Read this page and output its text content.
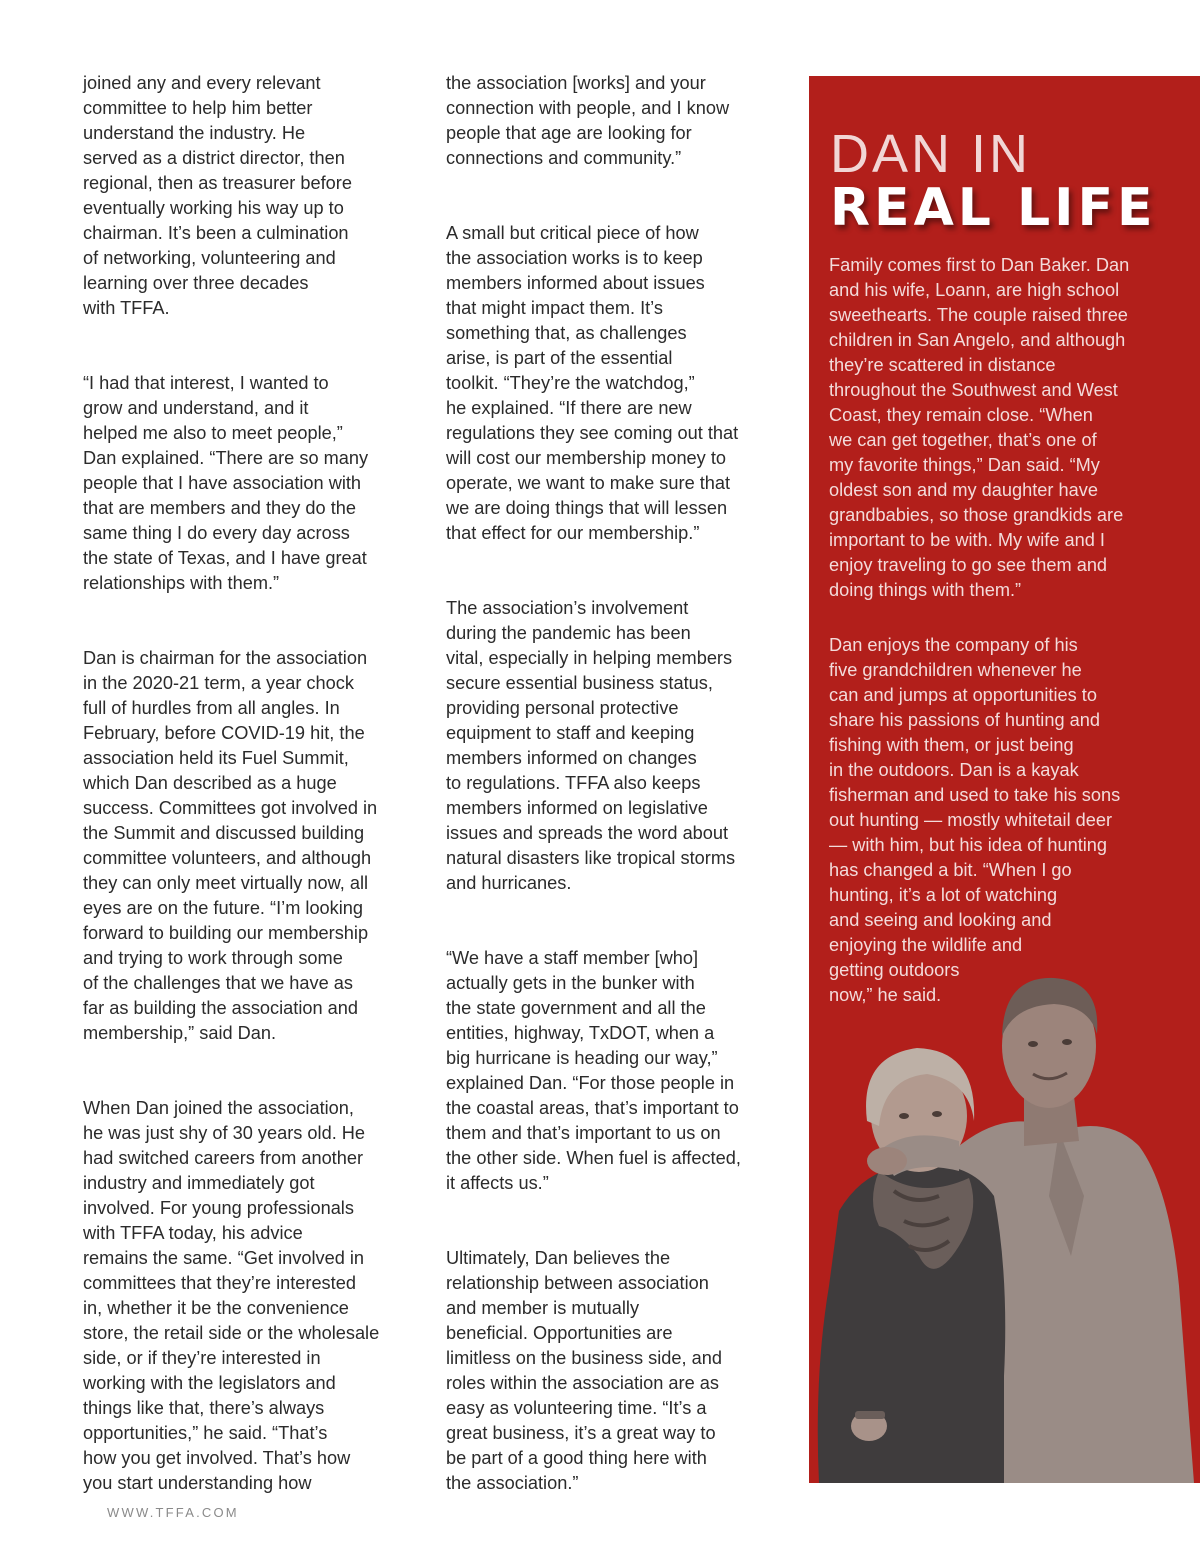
joined any and every relevant
committee to help him better
understand the industry. He
served as a district director, then
regional, then as treasurer before
eventually working his way up to
chairman. It’s been a culmination
of networking, volunteering and
learning over three decades
with TFFA.

“I had that interest, I wanted to
grow and understand, and it
helped me also to meet people,”
Dan explained. “There are so many
people that I have association with
that are members and they do the
same thing I do every day across
the state of Texas, and I have great
relationships with them.”

Dan is chairman for the association
in the 2020-21 term, a year chock
full of hurdles from all angles. In
February, before COVID-19 hit, the
association held its Fuel Summit,
which Dan described as a huge
success. Committees got involved in
the Summit and discussed building
committee volunteers, and although
they can only meet virtually now, all
eyes are on the future. “I’m looking
forward to building our membership
and trying to work through some
of the challenges that we have as
far as building the association and
membership,” said Dan.

When Dan joined the association,
he was just shy of 30 years old. He
had switched careers from another
industry and immediately got
involved. For young professionals
with TFFA today, his advice
remains the same. “Get involved in
committees that they’re interested
in, whether it be the convenience
store, the retail side or the wholesale
side, or if they’re interested in
working with the legislators and
things like that, there’s always
opportunities,” he said. “That’s
how you get involved. That’s how
you start understanding how

the association [works] and your
connection with people, and I know
people that age are looking for
connections and community.”

A small but critical piece of how
the association works is to keep
members informed about issues
that might impact them. It’s
something that, as challenges
arise, is part of the essential
toolkit. “They’re the watchdog,”
he explained. “If there are new
regulations they see coming out that
will cost our membership money to
operate, we want to make sure that
we are doing things that will lessen
that effect for our membership.”

The association’s involvement
during the pandemic has been
vital, especially in helping members
secure essential business status,
providing personal protective
equipment to staff and keeping
members informed on changes
to regulations. TFFA also keeps
members informed on legislative
issues and spreads the word about
natural disasters like tropical storms
and hurricanes.

“We have a staff member [who]
actually gets in the bunker with
the state government and all the
entities, highway, TxDOT, when a
big hurricane is heading our way,”
explained Dan. “For those people in
the coastal areas, that’s important to
them and that’s important to us on
the other side. When fuel is affected,
it affects us.”

Ultimately, Dan believes the
relationship between association
and member is mutually
beneficial. Opportunities are
limitless on the business side, and
roles within the association are as
easy as volunteering time. “It’s a
great business, it’s a great way to
be part of a good thing here with
the association.”

DAN IN
REAL LIFE

Family comes first to Dan Baker. Dan
and his wife, Loann, are high school
sweethearts. The couple raised three
children in San Angelo, and although
they’re scattered in distance
throughout the Southwest and West
Coast, they remain close. “When
we can get together, that’s one of
my favorite things,” Dan said. “My
oldest son and my daughter have
grandbabies, so those grandkids are
important to be with. My wife and I
enjoy traveling to go see them and
doing things with them.”

Dan enjoys the company of his
five grandchildren whenever he
can and jumps at opportunities to
share his passions of hunting and
fishing with them, or just being
in the outdoors. Dan is a kayak
fisherman and used to take his sons
out hunting — mostly whitetail deer
— with him, but his idea of hunting
has changed a bit. “When I go
hunting, it’s a lot of watching
and seeing and looking and
enjoying the wildlife and
getting outdoors
now,” he said.

WWW.TFFA.COM
